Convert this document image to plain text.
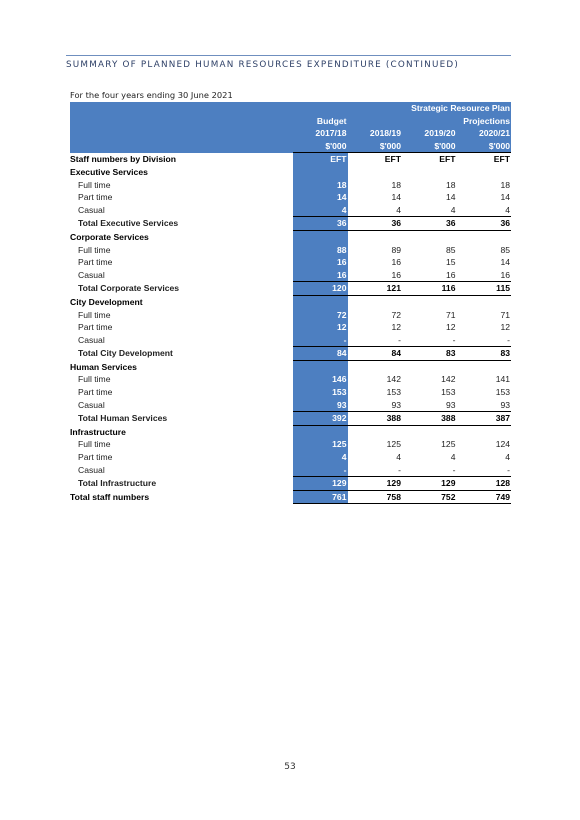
SUMMARY OF PLANNED HUMAN RESOURCES EXPENDITURE (CONTINUED)
For the four years ending 30 June 2021
		Strategic Resource Plan		
	Budget	Projections		
	2017/18	2018/19	2019/20	2020/21
	$'000	$'000	$'000	$'000
Staff numbers by Division	EFT	EFT	EFT	EFT
Executive Services				
Full time	18	18	18	18
Part time	14	14	14	14
Casual	4	4	4	4
Total Executive Services	36	36	36	36
Corporate Services				
Full time	88	89	85	85
Part time	16	16	15	14
Casual	16	16	16	16
Total Corporate Services	120	121	116	115
City Development				
Full time	72	72	71	71
Part time	12	12	12	12
Casual	-	-	-	-
Total City Development	84	84	83	83
Human Services				
Full time	146	142	142	141
Part time	153	153	153	153
Casual	93	93	93	93
Total Human Services	392	388	388	387
Infrastructure				
Full time	125	125	125	124
Part time	4	4	4	4
Casual	-	-	-	-
Total Infrastructure	129	129	129	128
Total staff numbers	761	758	752	749
53
